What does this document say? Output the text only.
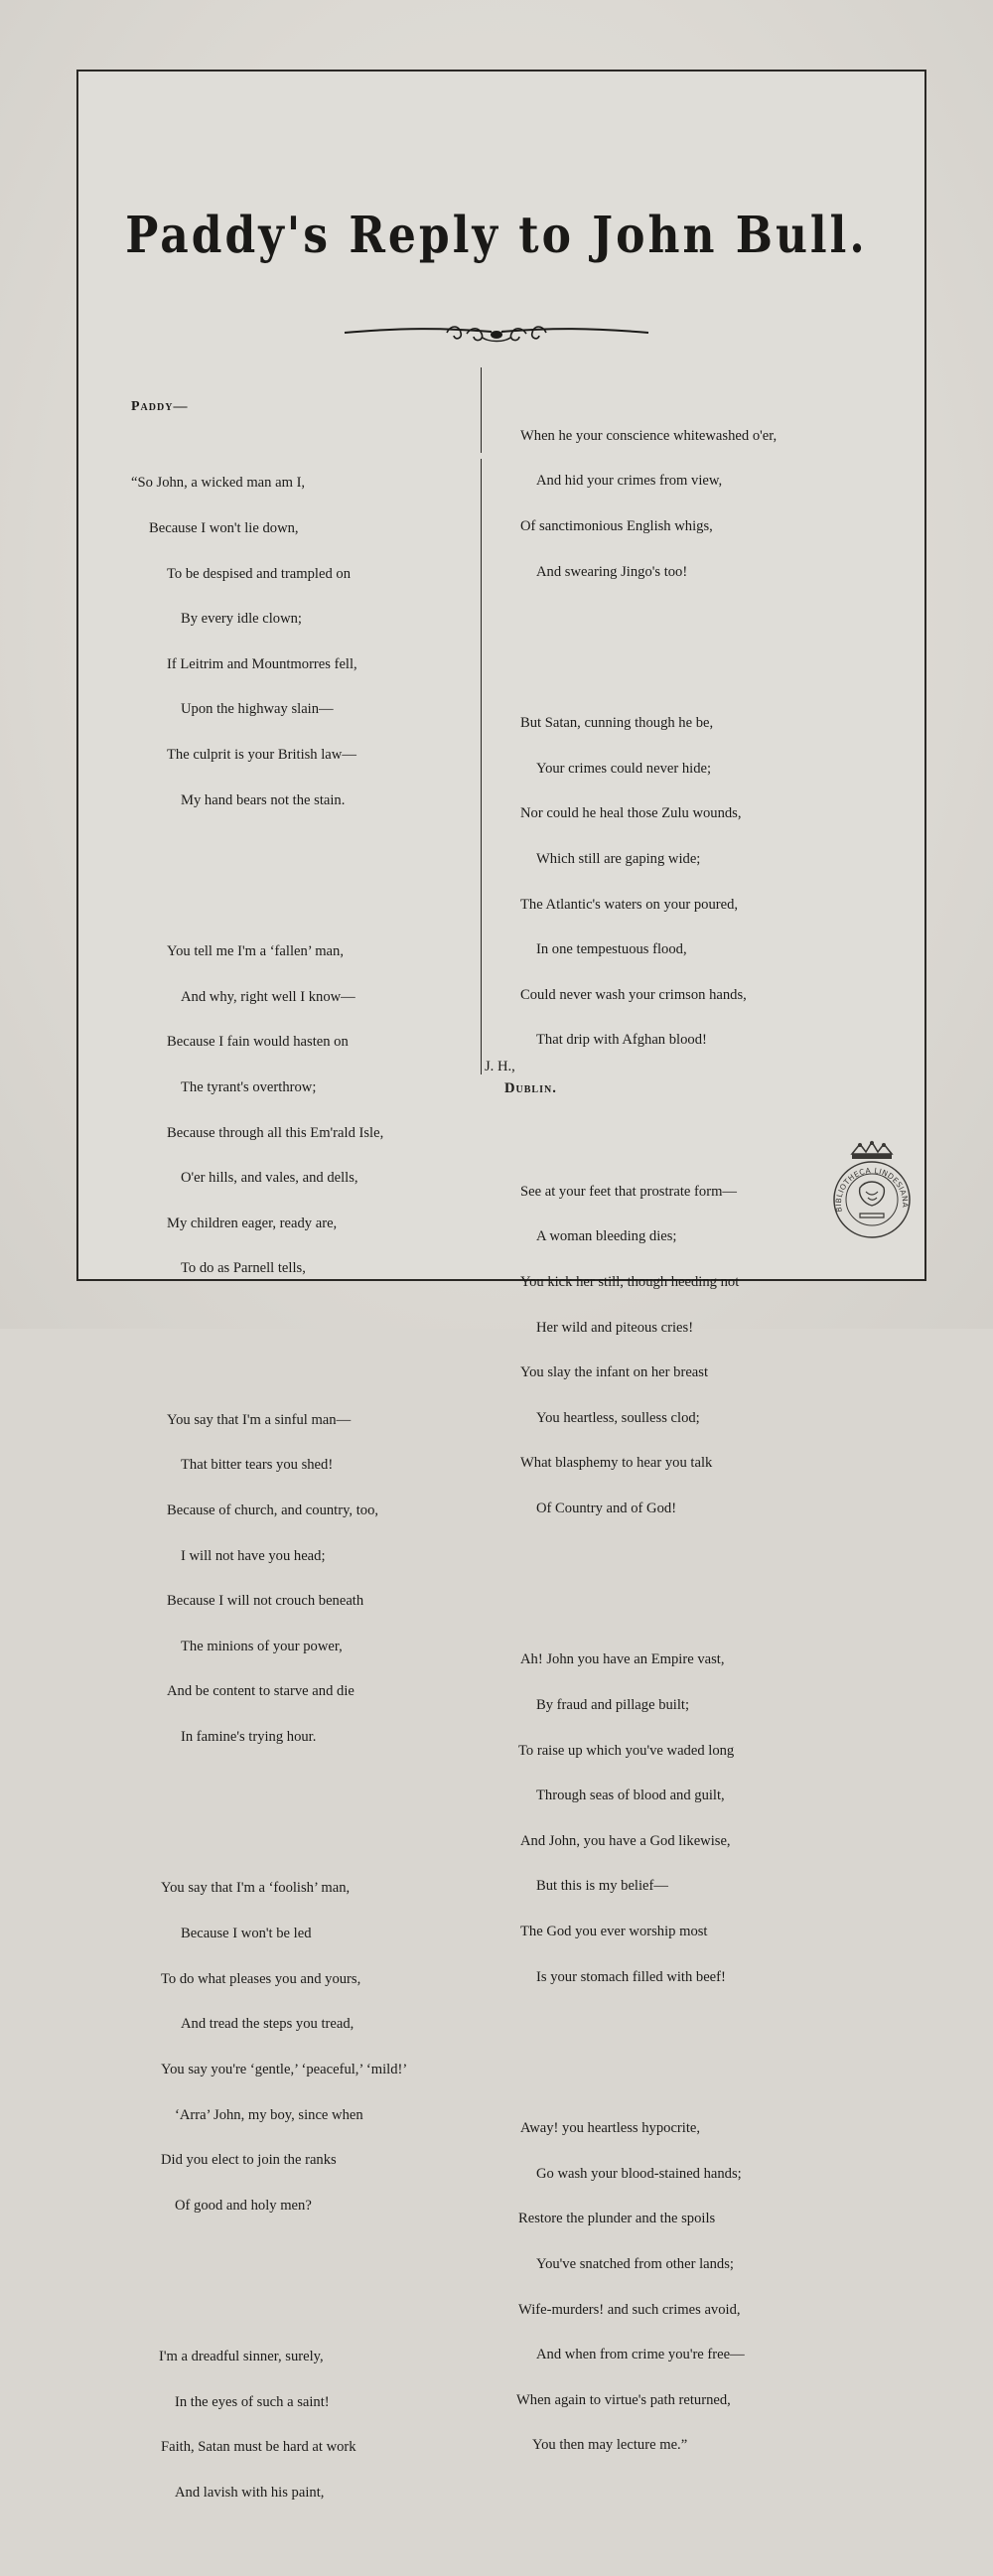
Paddy's Reply to John Bull.

Paddy—

“So John, a wicked man am I,

Because I won't lie down,

To be despised and trampled on

By every idle clown;

If Leitrim and Mountmorres fell,

Upon the highway slain—

The culprit is your British law—

My hand bears not the stain.

You tell me I'm a ‘fallen’ man,

And why, right well I know—

Because I fain would hasten on

The tyrant's overthrow;

Because through all this Em'rald Isle,

O'er hills, and vales, and dells,

My children eager, ready are,

To do as Parnell tells,

You say that I'm a sinful man—

That bitter tears you shed!

Because of church, and country, too,

I will not have you head;

Because I will not crouch beneath

The minions of your power,

And be content to starve and die

In famine's trying hour.

You say that I'm a ‘foolish’ man,

Because I won't be led

To do what pleases you and yours,

And tread the steps you tread,

You say you're ‘gentle,’ ‘peaceful,’ ‘mild!’

‘Arra’ John, my boy, since when

Did you elect to join the ranks

Of good and holy men?

I'm a dreadful sinner, surely,

In the eyes of such a saint!

Faith, Satan must be hard at work

And lavish with his paint,

When he your conscience whitewashed o'er,

And hid your crimes from view,

Of sanctimonious English whigs,

And swearing Jingo's too!

But Satan, cunning though he be,

Your crimes could never hide;

Nor could he heal those Zulu wounds,

Which still are gaping wide;

The Atlantic's waters on your poured,

In one tempestuous flood,

Could never wash your crimson hands,

That drip with Afghan blood!

See at your feet that prostrate form—

A woman bleeding dies;

You kick her still, though heeding not

Her wild and piteous cries!

You slay the infant on her breast

You heartless, soulless clod;

What blasphemy to hear you talk

Of Country and of God!

Ah! John you have an Empire vast,

By fraud and pillage built;

To raise up which you've waded long

Through seas of blood and guilt,

And John, you have a God likewise,

But this is my belief—

The God you ever worship most

Is your stomach filled with beef!

Away! you heartless hypocrite,

Go wash your blood-stained hands;

Restore the plunder and the spoils

You've snatched from other lands;

Wife-murders! and such crimes avoid,

And when from crime you're free—

When again to virtue's path returned,

You then may lecture me.”

J. H.,
Dublin.
BIBLIOTHECA LINDESIANA
